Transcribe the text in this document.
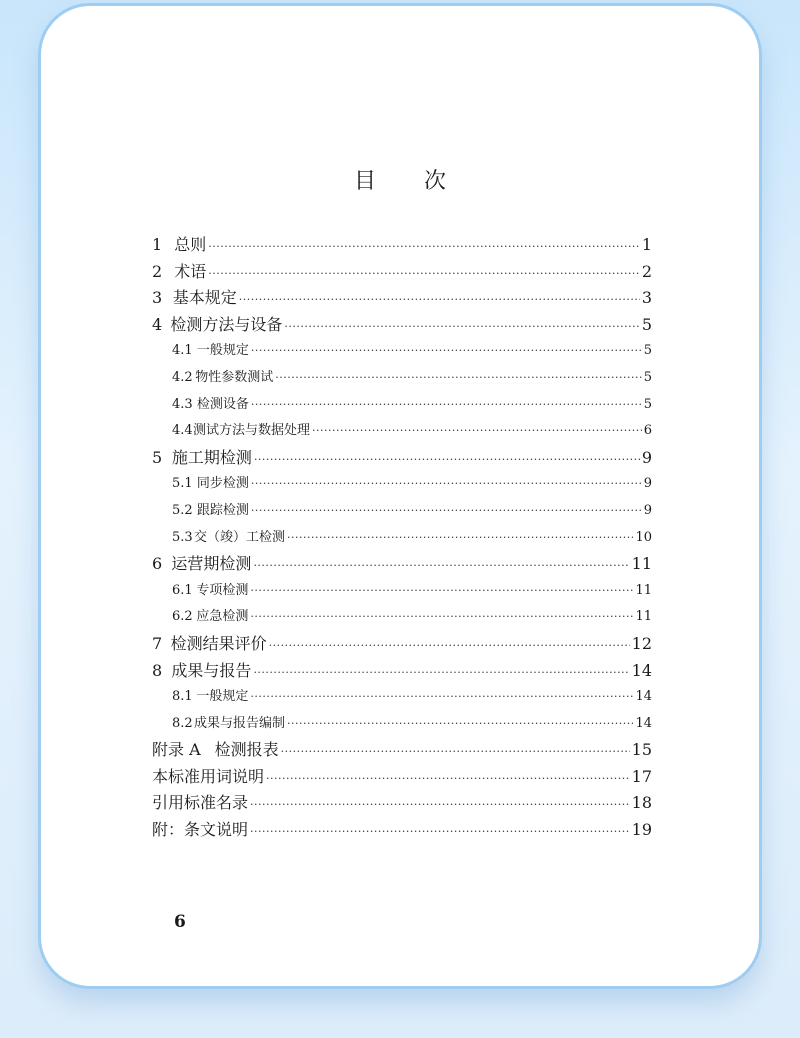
目 次
1 总则 ·····	1
2 术语 ·····	2
3 基本规定 ·····	3
4 检测方法与设备 ·····	5
4.1 一般规定 ·····	5
4.2 物性参数测试 ·····	5
4.3 检测设备 ·····	5
4.4 测试方法与数据处理 ·····	6
5 施工期检测 ·····	9
5.1 同步检测 ·····	9
5.2 跟踪检测 ·····	9
5.3 交（竣）工检测 ·····	10
6 运营期检测 ·····	11
6.1 专项检测 ·····	11
6.2 应急检测 ·····	11
7 检测结果评价 ·····	12
8 成果与报告 ·····	14
8.1 一般规定 ·····	14
8.2 成果与报告编制 ·····	14
附录 A 检测报表 ·····	15
本标准用词说明 ·····	17
引用标准名录 ·····	18
附：条文说明 ·····	19
6
